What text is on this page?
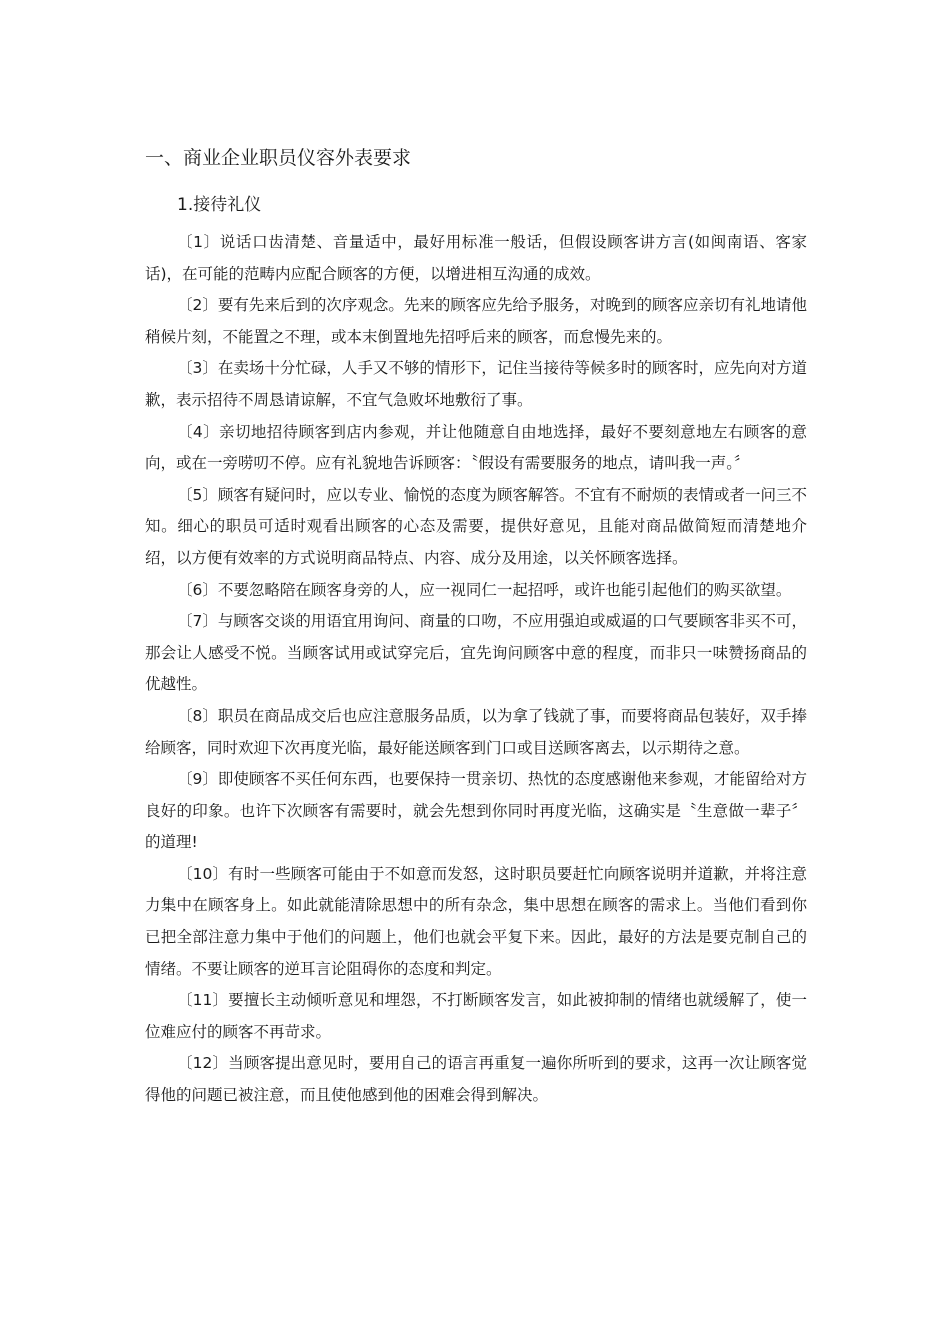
一、商业企业职员仪容外表要求
1.接待礼仪

〔1〕说话口齿清楚、音量适中，最好用标准一般话，但假设顾客讲方言(如闽南语、客家话)，在可能的范畴内应配合顾客的方便，以增进相互沟通的成效。

〔2〕要有先来后到的次序观念。先来的顾客应先给予服务，对晚到的顾客应亲切有礼地请他稍候片刻，不能置之不理，或本末倒置地先招呼后来的顾客，而怠慢先来的。

〔3〕在卖场十分忙碌，人手又不够的情形下，记住当接待等候多时的顾客时，应先向对方道歉，表示招待不周恳请谅解，不宜气急败坏地敷衍了事。

〔4〕亲切地招待顾客到店内参观，并让他随意自由地选择，最好不要刻意地左右顾客的意向，或在一旁唠叨不停。应有礼貌地告诉顾客：〝假设有需要服务的地点，请叫我一声。〞

〔5〕顾客有疑问时，应以专业、愉悦的态度为顾客解答。不宜有不耐烦的表情或者一问三不知。细心的职员可适时观看出顾客的心态及需要，提供好意见，且能对商品做简短而清楚地介绍，以方便有效率的方式说明商品特点、内容、成分及用途，以关怀顾客选择。

〔6〕不要忽略陪在顾客身旁的人，应一视同仁一起招呼，或许也能引起他们的购买欲望。

〔7〕与顾客交谈的用语宜用询问、商量的口吻，不应用强迫或威逼的口气要顾客非买不可，那会让人感受不悦。当顾客试用或试穿完后，宜先询问顾客中意的程度，而非只一味赞扬商品的优越性。

〔8〕职员在商品成交后也应注意服务品质，以为拿了钱就了事，而要将商品包装好，双手捧给顾客，同时欢迎下次再度光临，最好能送顾客到门口或目送顾客离去，以示期待之意。

〔9〕即使顾客不买任何东西，也要保持一贯亲切、热忱的态度感谢他来参观，才能留给对方良好的印象。也许下次顾客有需要时，就会先想到你同时再度光临，这确实是〝生意做一辈子〞的道理!

〔10〕有时一些顾客可能由于不如意而发怒，这时职员要赶忙向顾客说明并道歉，并将注意力集中在顾客身上。如此就能清除思想中的所有杂念，集中思想在顾客的需求上。当他们看到你已把全部注意力集中于他们的问题上，他们也就会平复下来。因此，最好的方法是要克制自己的情绪。不要让顾客的逆耳言论阻碍你的态度和判定。

〔11〕要擅长主动倾听意见和埋怨，不打断顾客发言，如此被抑制的情绪也就缓解了，使一位难应付的顾客不再苛求。

〔12〕当顾客提出意见时，要用自己的语言再重复一遍你所听到的要求，这再一次让顾客觉得他的问题已被注意，而且使他感到他的困难会得到解决。
